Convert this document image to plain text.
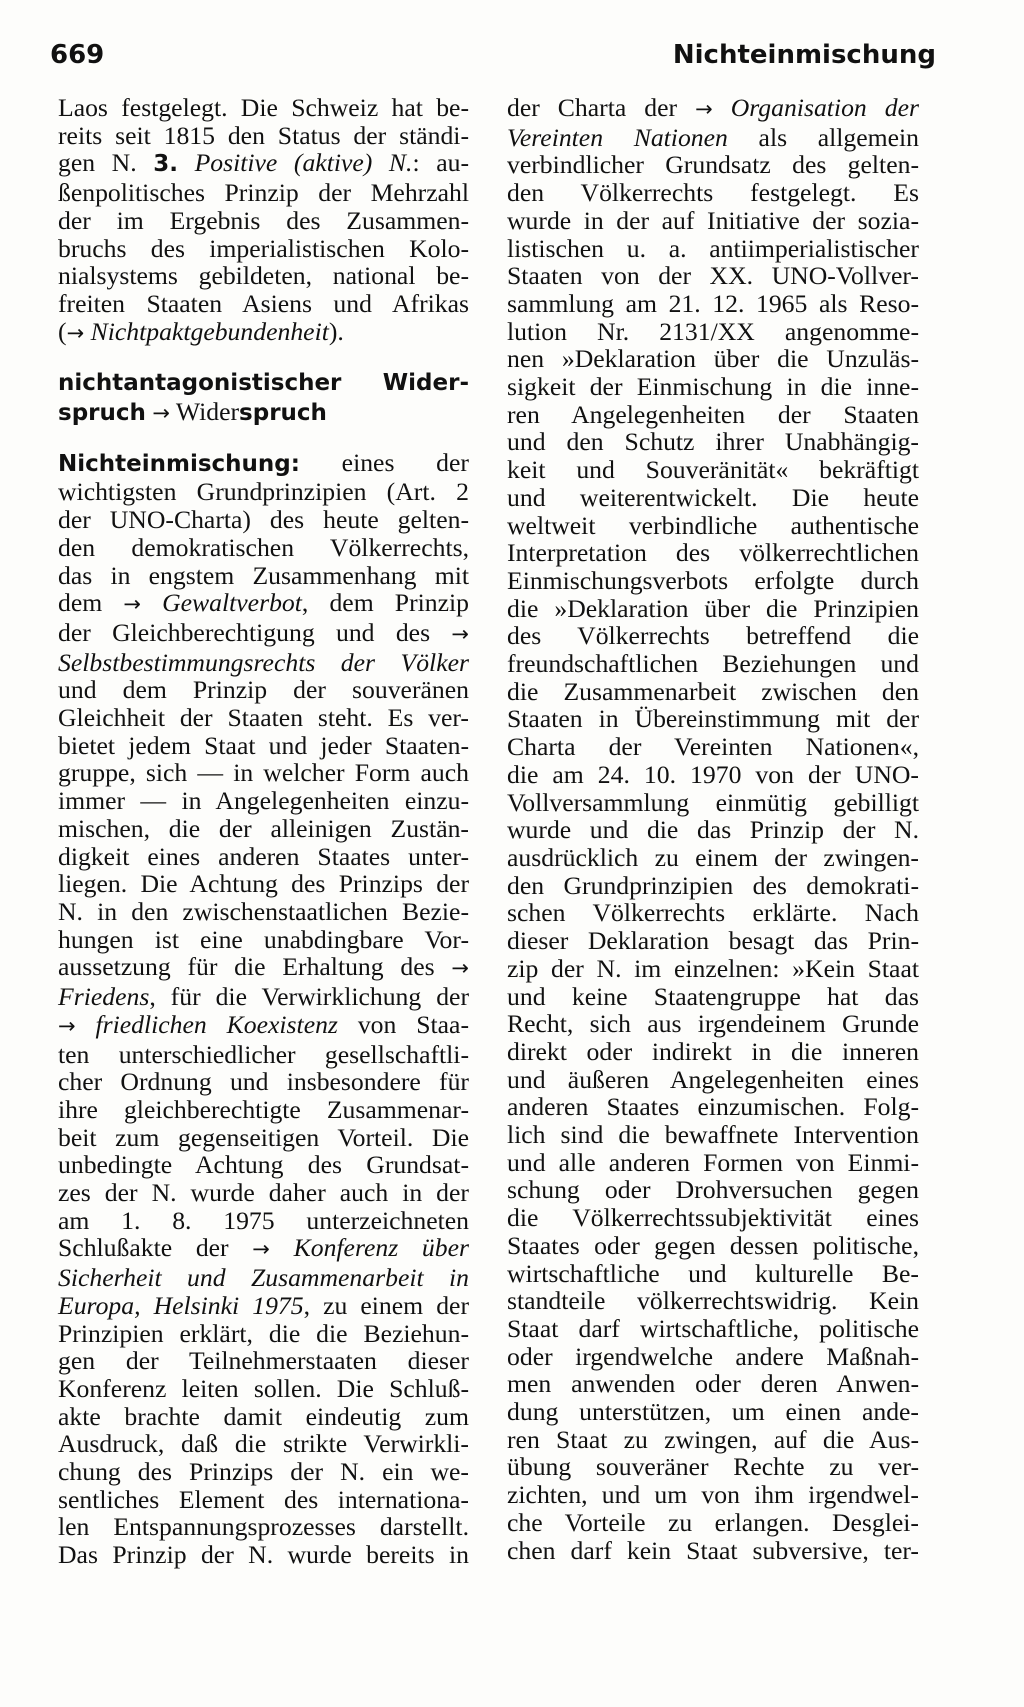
669	Nichteinmischung

Laos festgelegt. Die Schweiz hat be-
reits seit 1815 den Status der ständi-
gen N. 3. Positive (aktive) N.: au-
ßenpolitisches Prinzip der Mehrzahl
der im Ergebnis des Zusammen-
bruchs des imperialistischen Kolo-
nialsystems gebildeten, national be-
freiten Staaten Asiens und Afrikas
(→ Nichtpaktgebundenheit).

nichtantagonistischer Wider-
spruch → Widerspruch

Nichteinmischung: eines der
wichtigsten Grundprinzipien (Art. 2
der UNO-Charta) des heute gelten-
den demokratischen Völkerrechts,
das in engstem Zusammenhang mit
dem → Gewaltverbot, dem Prinzip
der Gleichberechtigung und des →
Selbstbestimmungsrechts der Völker
und dem Prinzip der souveränen
Gleichheit der Staaten steht. Es ver-
bietet jedem Staat und jeder Staaten-
gruppe, sich — in welcher Form auch
immer — in Angelegenheiten einzu-
mischen, die der alleinigen Zustän-
digkeit eines anderen Staates unter-
liegen. Die Achtung des Prinzips der
N. in den zwischenstaatlichen Bezie-
hungen ist eine unabdingbare Vor-
aussetzung für die Erhaltung des →
Friedens, für die Verwirklichung der
→ friedlichen Koexistenz von Staa-
ten unterschiedlicher gesellschaftli-
cher Ordnung und insbesondere für
ihre gleichberechtigte Zusammenar-
beit zum gegenseitigen Vorteil. Die
unbedingte Achtung des Grundsat-
zes der N. wurde daher auch in der
am 1. 8. 1975 unterzeichneten
Schlußakte der → Konferenz über
Sicherheit und Zusammenarbeit in
Europa, Helsinki 1975, zu einem der
Prinzipien erklärt, die die Beziehun-
gen der Teilnehmerstaaten dieser
Konferenz leiten sollen. Die Schluß-
akte brachte damit eindeutig zum
Ausdruck, daß die strikte Verwirkli-
chung des Prinzips der N. ein we-
sentliches Element des internationa-
len Entspannungsprozesses darstellt.
Das Prinzip der N. wurde bereits in

der Charta der → Organisation der
Vereinten Nationen als allgemein
verbindlicher Grundsatz des gelten-
den Völkerrechts festgelegt. Es
wurde in der auf Initiative der sozia-
listischen u. a. antiimperialistischer
Staaten von der XX. UNO-Vollver-
sammlung am 21. 12. 1965 als Reso-
lution Nr. 2131/XX angenomme-
nen »Deklaration über die Unzuläs-
sigkeit der Einmischung in die inne-
ren Angelegenheiten der Staaten
und den Schutz ihrer Unabhängig-
keit und Souveränität« bekräftigt
und weiterentwickelt. Die heute
weltweit verbindliche authentische
Interpretation des völkerrechtlichen
Einmischungsverbots erfolgte durch
die »Deklaration über die Prinzipien
des Völkerrechts betreffend die
freundschaftlichen Beziehungen und
die Zusammenarbeit zwischen den
Staaten in Übereinstimmung mit der
Charta der Vereinten Nationen«,
die am 24. 10. 1970 von der UNO-
Vollversammlung einmütig gebilligt
wurde und die das Prinzip der N.
ausdrücklich zu einem der zwingen-
den Grundprinzipien des demokrati-
schen Völkerrechts erklärte. Nach
dieser Deklaration besagt das Prin-
zip der N. im einzelnen: »Kein Staat
und keine Staatengruppe hat das
Recht, sich aus irgendeinem Grunde
direkt oder indirekt in die inneren
und äußeren Angelegenheiten eines
anderen Staates einzumischen. Folg-
lich sind die bewaffnete Intervention
und alle anderen Formen von Einmi-
schung oder Drohversuchen gegen
die Völkerrechtssubjektivität eines
Staates oder gegen dessen politische,
wirtschaftliche und kulturelle Be-
standteile völkerrechtswidrig. Kein
Staat darf wirtschaftliche, politische
oder irgendwelche andere Maßnah-
men anwenden oder deren Anwen-
dung unterstützen, um einen ande-
ren Staat zu zwingen, auf die Aus-
übung souveräner Rechte zu ver-
zichten, und um von ihm irgendwel-
che Vorteile zu erlangen. Desglei-
chen darf kein Staat subversive, ter-
